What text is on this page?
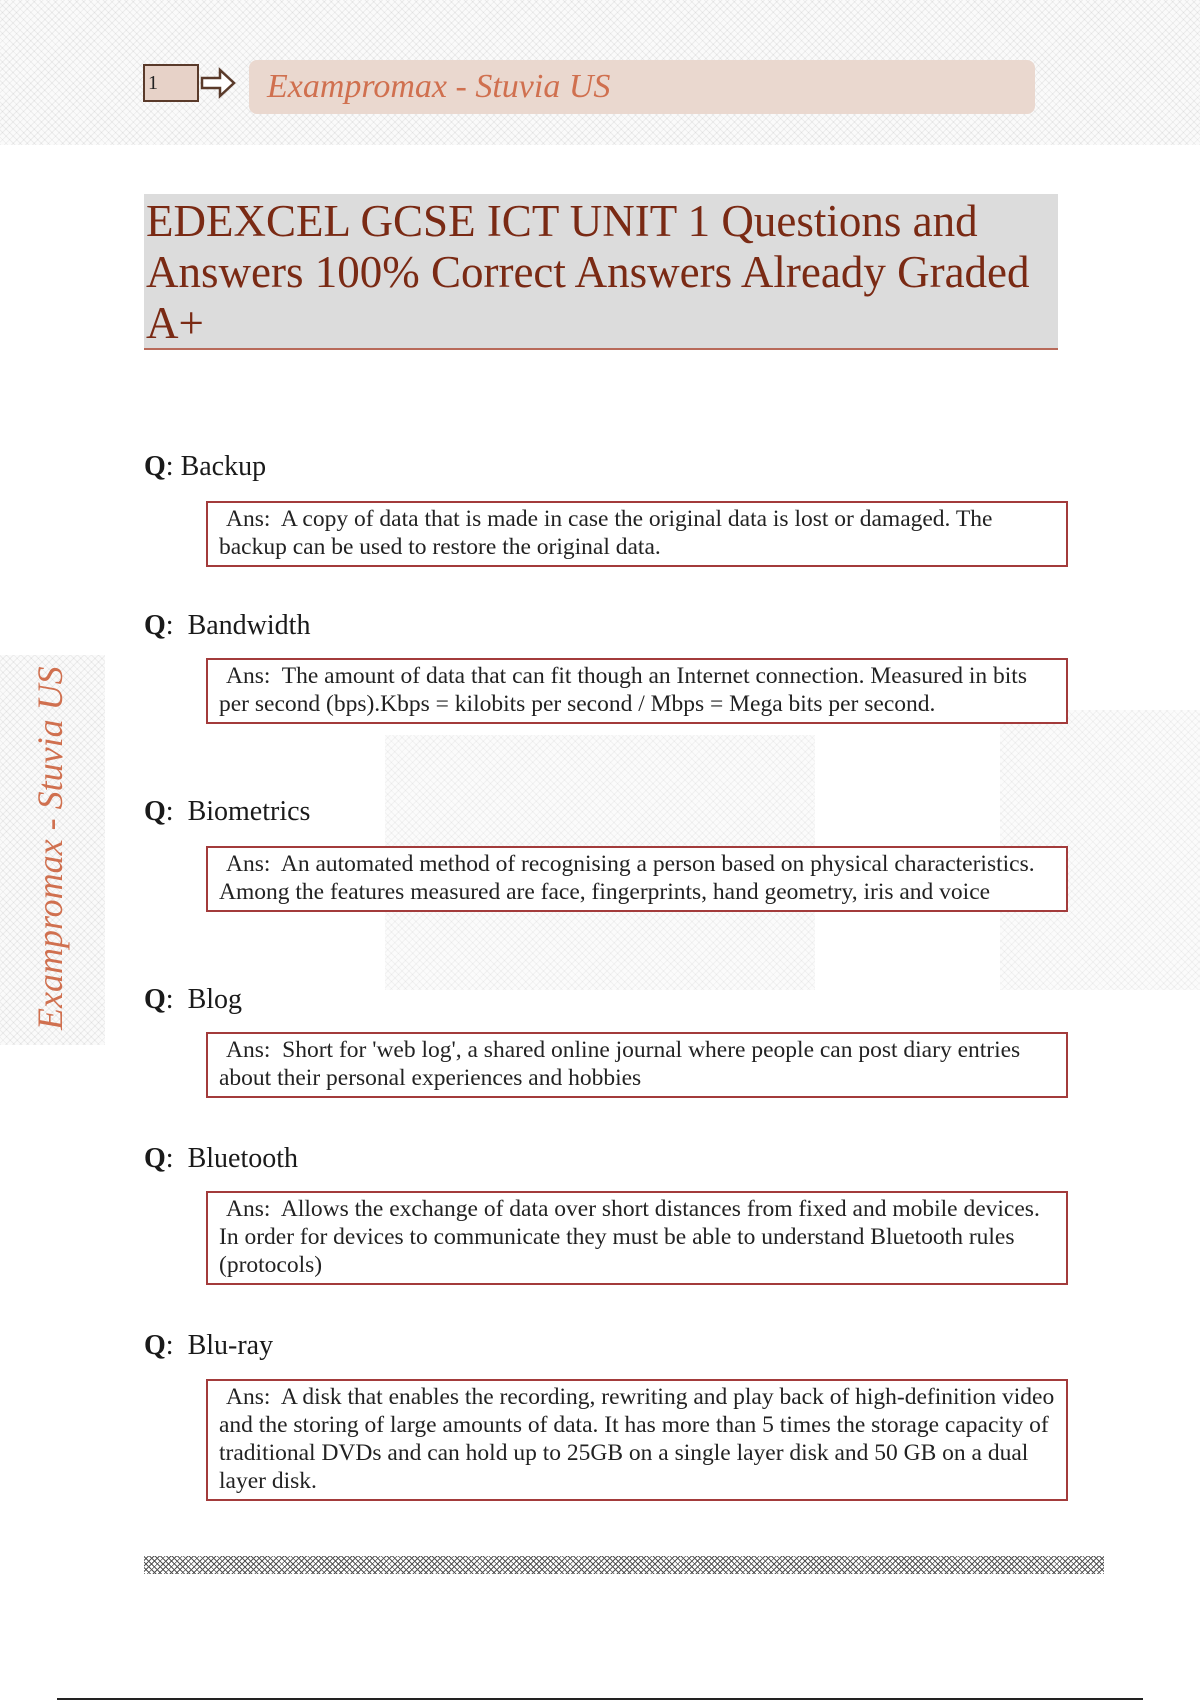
1	Exampromax - Stuvia US
EDEXCEL GCSE ICT UNIT 1 Questions and Answers 100% Correct Answers Already Graded A+
Exampromax - Stuvia US
Q: Backup
Ans: A copy of data that is made in case the original data is lost or damaged. The backup can be used to restore the original data.
Q:  Bandwidth
Ans: The amount of data that can fit though an Internet connection. Measured in bits per second (bps).Kbps = kilobits per second / Mbps = Mega bits per second.
Q:  Biometrics
Ans: An automated method of recognising a person based on physical characteristics. Among the features measured are face, fingerprints, hand geometry, iris and voice
Q:  Blog
Ans: Short for 'web log', a shared online journal where people can post diary entries about their personal experiences and hobbies
Q:  Bluetooth
Ans: Allows the exchange of data over short distances from fixed and mobile devices. In order for devices to communicate they must be able to understand Bluetooth rules (protocols)
Q:  Blu-ray
Ans: A disk that enables the recording, rewriting and play back of high-definition video and the storing of large amounts of data. It has more than 5 times the storage capacity of traditional DVDs and can hold up to 25GB on a single layer disk and 50 GB on a dual layer disk.
